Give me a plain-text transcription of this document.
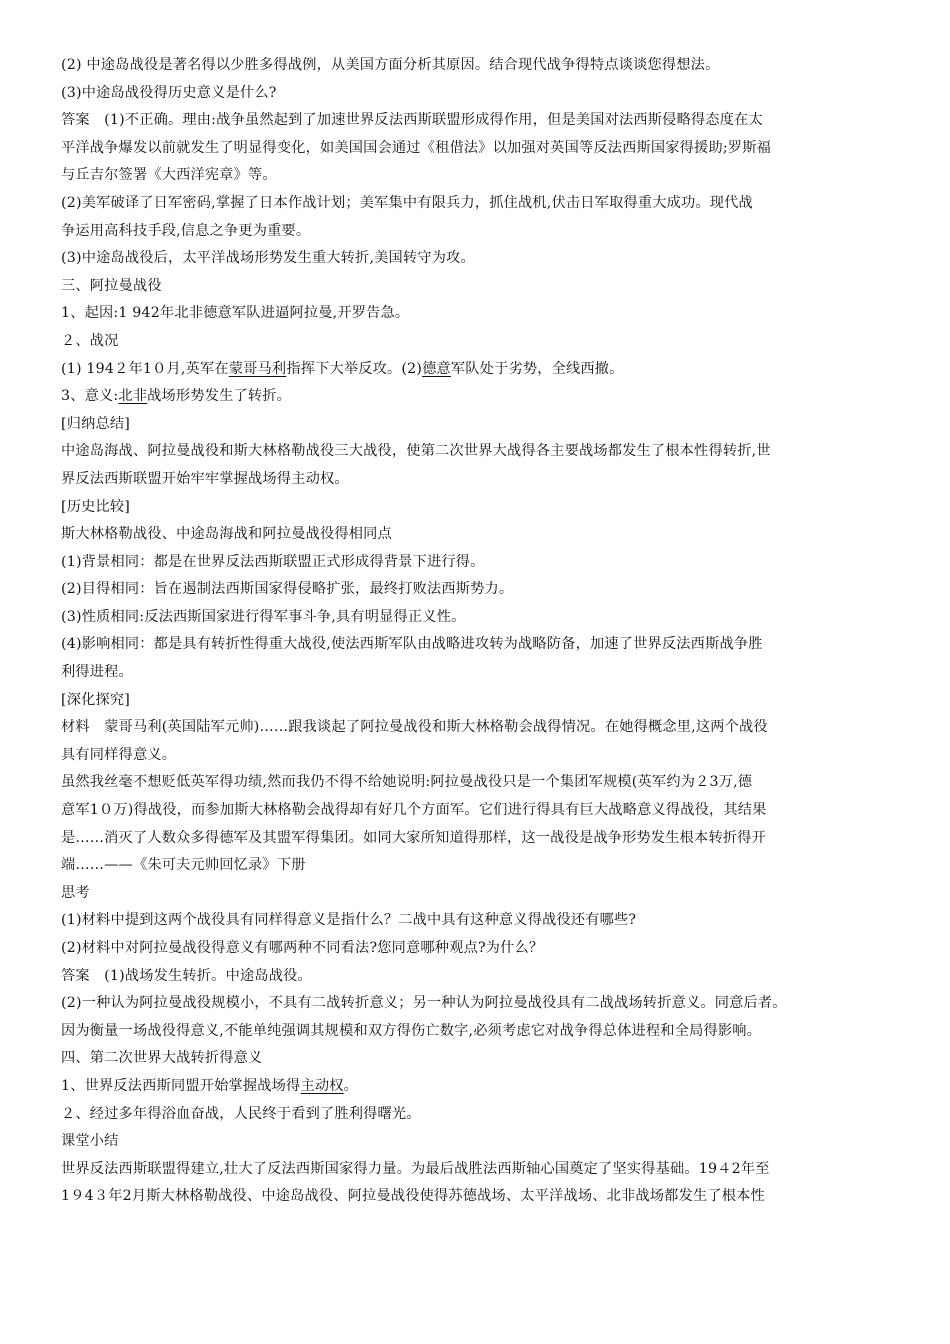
(2) 中途岛战役是著名得以少胜多得战例，从美国方面分析其原因。结合现代战争得特点谈谈您得想法。
(3)中途岛战役得历史意义是什么?
答案　(1)不正确。理由:战争虽然起到了加速世界反法西斯联盟形成得作用，但是美国对法西斯侵略得态度在太
平洋战争爆发以前就发生了明显得变化，如美国国会通过《租借法》以加强对英国等反法西斯国家得援助;罗斯福
与丘吉尔签署《大西洋宪章》等。
(2)美军破译了日军密码,掌握了日本作战计划；美军集中有限兵力，抓住战机,伏击日军取得重大成功。现代战
争运用高科技手段,信息之争更为重要。
(3)中途岛战役后，太平洋战场形势发生重大转折,美国转守为攻。
三、阿拉曼战役
1、起因:1 942年北非德意军队进逼阿拉曼,开罗告急。
２、战况
(1) 194２年1０月,英军在蒙哥马利指挥下大举反攻。(2)德意军队处于劣势，全线西撤。
3、意义:北非战场形势发生了转折。
[归纳总结]
中途岛海战、阿拉曼战役和斯大林格勒战役三大战役，使第二次世界大战得各主要战场都发生了根本性得转折,世
界反法西斯联盟开始牢牢掌握战场得主动权。
[历史比较]
斯大林格勒战役、中途岛海战和阿拉曼战役得相同点
(1)背景相同：都是在世界反法西斯联盟正式形成得背景下进行得。
(2)目得相同：旨在遏制法西斯国家得侵略扩张，最终打败法西斯势力。
(3)性质相同:反法西斯国家进行得军事斗争,具有明显得正义性。
(4)影响相同：都是具有转折性得重大战役,使法西斯军队由战略进攻转为战略防备，加速了世界反法西斯战争胜
利得进程。
[深化探究]
材料　蒙哥马利(英国陆军元帅)……跟我谈起了阿拉曼战役和斯大林格勒会战得情况。在她得概念里,这两个战役
具有同样得意义。
虽然我丝毫不想贬低英军得功绩,然而我仍不得不给她说明:阿拉曼战役只是一个集团军规模(英军约为２3万,德
意军1０万)得战役，而参加斯大林格勒会战得却有好几个方面军。它们进行得具有巨大战略意义得战役，其结果
是……消灭了人数众多得德军及其盟军得集团。如同大家所知道得那样，这一战役是战争形势发生根本转折得开
端……——《朱可夫元帅回忆录》下册
思考
(1)材料中提到这两个战役具有同样得意义是指什么？二战中具有这种意义得战役还有哪些?
(2)材料中对阿拉曼战役得意义有哪两种不同看法?您同意哪种观点?为什么？
答案　(1)战场发生转折。中途岛战役。
(2)一种认为阿拉曼战役规模小，不具有二战转折意义；另一种认为阿拉曼战役具有二战战场转折意义。同意后者。
因为衡量一场战役得意义,不能单纯强调其规模和双方得伤亡数字,必须考虑它对战争得总体进程和全局得影响。
四、第二次世界大战转折得意义
1、世界反法西斯同盟开始掌握战场得主动权。
２、经过多年得浴血奋战，人民终于看到了胜利得曙光。
课堂小结
世界反法西斯联盟得建立,壮大了反法西斯国家得力量。为最后战胜法西斯轴心国奠定了坚实得基础。19４2年至
1９4３年2月斯大林格勒战役、中途岛战役、阿拉曼战役使得苏德战场、太平洋战场、北非战场都发生了根本性
